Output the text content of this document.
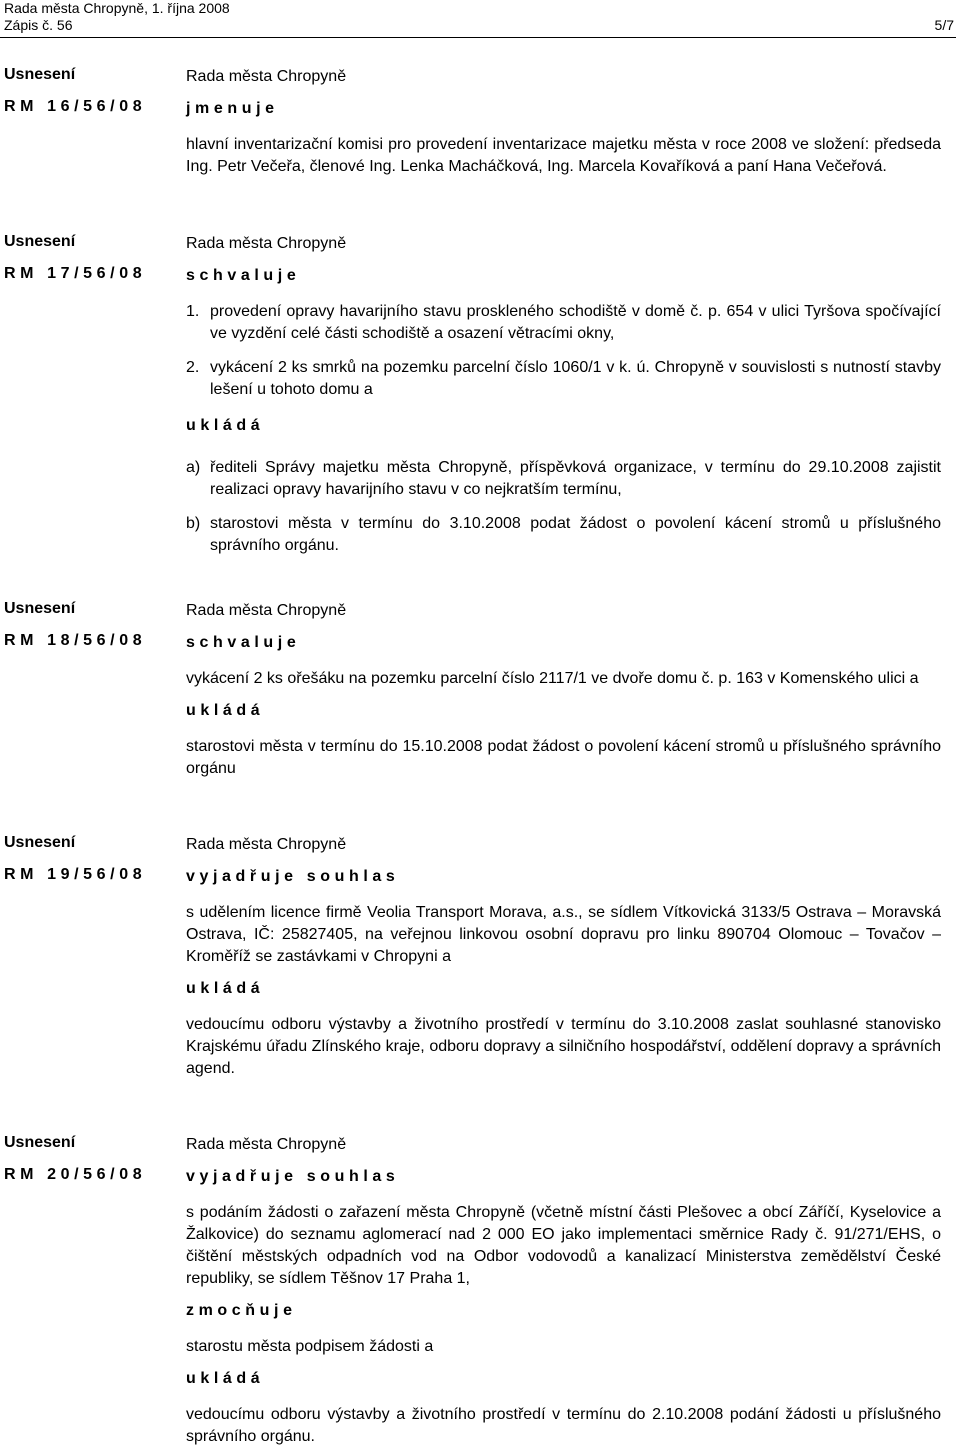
Rada města Chropyně, 1. října 2008
Zápis č. 56	5/7
Usnesení
RM 16/56/08
Rada města Chropyně
jmenuje

hlavní inventarizační komisi pro provedení inventarizace majetku města v roce 2008 ve složení: předseda Ing. Petr Večeřa, členové Ing. Lenka Macháčková, Ing. Marcela Kovaříková a paní Hana Večeřová.

Usnesení
RM 17/56/08
Rada města Chropyně
schvaluje
1. provedení opravy havarijního stavu proskleného schodiště v domě č. p. 654 v ulici Tyršova spočívající ve vyzdění celé části schodiště a osazení větracími okny,

2. vykácení 2 ks smrků na pozemku parcelní číslo 1060/1 v k. ú. Chropyně v souvislosti s nutností stavby lešení u tohoto domu a

ukládá
a) řediteli Správy majetku města Chropyně, příspěvková organizace, v termínu do 29.10.2008 zajistit realizaci opravy havarijního stavu v co nejkratším termínu,

b) starostovi města v termínu do 3.10.2008 podat žádost o povolení kácení stromů u příslušného správního orgánu.

Usnesení
RM 18/56/08
Rada města Chropyně
schvaluje

vykácení 2 ks ořešáku na pozemku parcelní číslo 2117/1 ve dvoře domu č. p. 163 v Komenského ulici a

ukládá

starostovi města v termínu do 15.10.2008 podat žádost o povolení kácení stromů u příslušného správního orgánu

Usnesení
RM 19/56/08
Rada města Chropyně
vyjadřuje souhlas

s udělením licence firmě Veolia Transport Morava, a.s., se sídlem Vítkovická 3133/5 Ostrava – Moravská Ostrava, IČ: 25827405, na veřejnou linkovou osobní dopravu pro linku 890704 Olomouc – Tovačov – Kroměříž se zastávkami v Chropyni a

ukládá

vedoucímu odboru výstavby a životního prostředí v termínu do 3.10.2008 zaslat souhlasné stanovisko Krajskému úřadu Zlínského kraje, odboru dopravy a silničního hospodářství, oddělení dopravy a správních agend.

Usnesení
RM 20/56/08
Rada města Chropyně
vyjadřuje souhlas

s podáním žádosti o zařazení města Chropyně (včetně místní části Plešovec a obcí Záříčí, Kyselovice a Žalkovice) do seznamu aglomerací nad 2 000 EO jako implementaci směrnice Rady č. 91/271/EHS, o čištění městských odpadních vod na Odbor vodovodů a kanalizací Ministerstva zemědělství České republiky, se sídlem Těšnov 17 Praha 1,

zmocňuje

starostu města podpisem žádosti a

ukládá

vedoucímu odboru výstavby a životního prostředí v termínu do 2.10.2008 podání žádosti u příslušného správního orgánu.
